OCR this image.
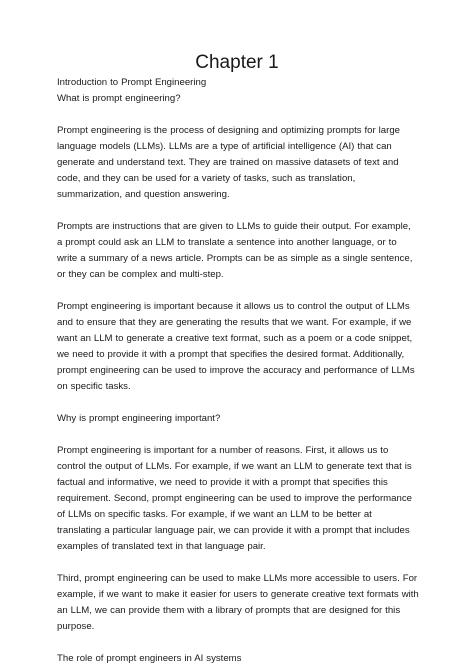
Chapter 1

Introduction to Prompt Engineering

What is prompt engineering?

Prompt engineering is the process of designing and optimizing prompts for large language models (LLMs). LLMs are a type of artificial intelligence (AI) that can generate and understand text. They are trained on massive datasets of text and code, and they can be used for a variety of tasks, such as translation, summarization, and question answering.

Prompts are instructions that are given to LLMs to guide their output. For example, a prompt could ask an LLM to translate a sentence into another language, or to write a summary of a news article. Prompts can be as simple as a single sentence, or they can be complex and multi-step.

Prompt engineering is important because it allows us to control the output of LLMs and to ensure that they are generating the results that we want. For example, if we want an LLM to generate a creative text format, such as a poem or a code snippet, we need to provide it with a prompt that specifies the desired format. Additionally, prompt engineering can be used to improve the accuracy and performance of LLMs on specific tasks.

Why is prompt engineering important?

Prompt engineering is important for a number of reasons. First, it allows us to control the output of LLMs. For example, if we want an LLM to generate text that is factual and informative, we need to provide it with a prompt that specifies this requirement. Second, prompt engineering can be used to improve the performance of LLMs on specific tasks. For example, if we want an LLM to be better at translating a particular language pair, we can provide it with a prompt that includes examples of translated text in that language pair.

Third, prompt engineering can be used to make LLMs more accessible to users. For example, if we want to make it easier for users to generate creative text formats with an LLM, we can provide them with a library of prompts that are designed for this purpose.

The role of prompt engineers in AI systems
